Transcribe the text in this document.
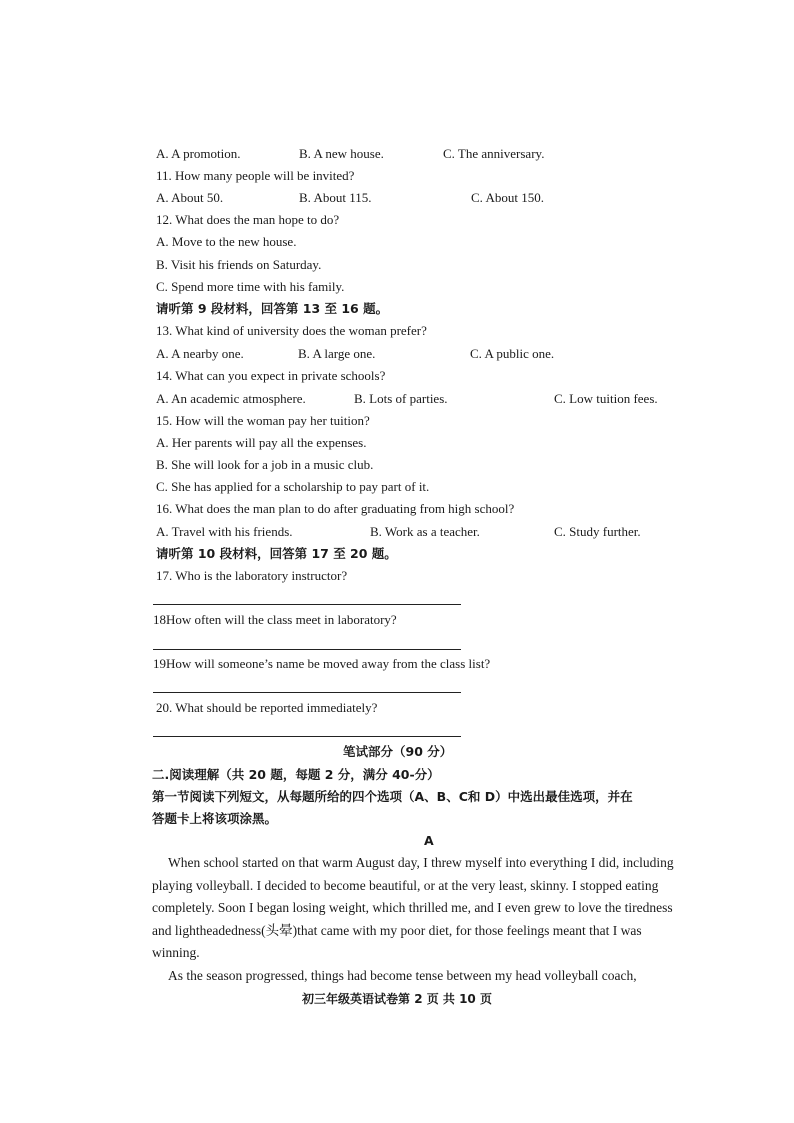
A. A promotion.	B. A new house.	C. The anniversary.
11. How many people will be invited?
A. About 50.	B. About 115.	C. About 150.
12. What does the man hope to do?
A. Move to the new house.
B. Visit his friends on Saturday.
C. Spend more time with his family.
请听第 9 段材料，回答第 13 至 16 题。
13. What kind of university does the woman prefer?
A. A nearby one.	B. A large one.	C. A public one.
14. What can you expect in private schools?
A. An academic atmosphere.	B. Lots of parties.	C. Low tuition fees.
15. How will the woman pay her tuition?
A. Her parents will pay all the expenses.
B. She will look for a job in a music club.
C. She has applied for a scholarship to pay part of it.
16. What does the man plan to do after graduating from high school?
A. Travel with his friends.	B. Work as a teacher.	C. Study further.
请听第 10 段材料，回答第 17 至 20 题。
17. Who is the laboratory instructor?
18How often will the class meet in laboratory?
19How will someone’s name be moved away from the class list?
20. What should be reported immediately?
笔试部分（90 分）
二.阅读理解（共 20 题，每题 2 分，满分 40-分）
第一节阅读下列短文，从每题所给的四个选项（A、B、C和 D）中选出最佳选项，并在
答题卡上将该项涂黑。
A

When school started on that warm August day, I threw myself into everything I did, including playing volleyball. I decided to become beautiful, or at the very least, skinny. I stopped eating completely. Soon I began losing weight, which thrilled me, and I even grew to love the tiredness and lightheadedness(头晕)that came with my poor diet, for those feelings meant that I was winning.

As the season progressed, things had become tense between my head volleyball coach,

初三年级英语试卷第 2 页 共 10 页
